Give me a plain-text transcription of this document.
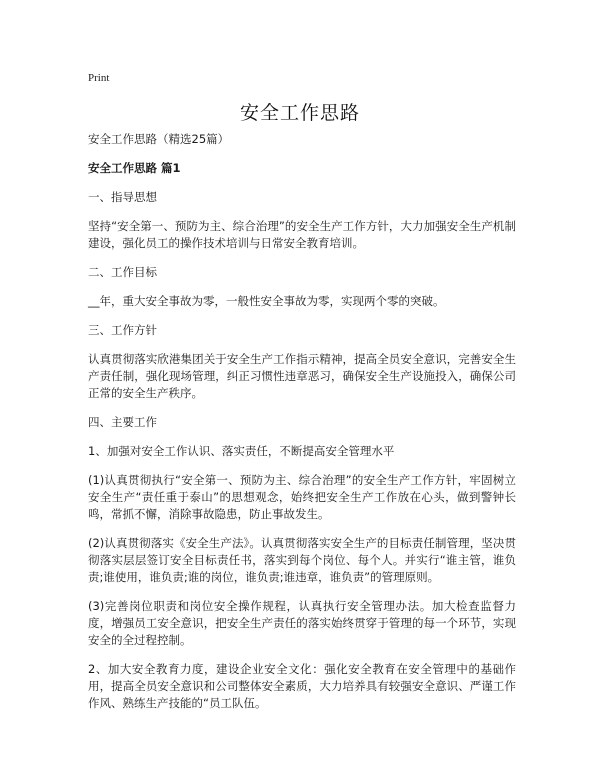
Print
安全工作思路

安全工作思路（精选25篇）

安全工作思路 篇1

一、指导思想

坚持“安全第一、预防为主、综合治理”的安全生产工作方针，大力加强安全生产机制建设，强化员工的操作技术培训与日常安全教育培训。

二、工作目标

__年，重大安全事故为零，一般性安全事故为零，实现两个零的突破。

三、工作方针

认真贯彻落实欣港集团关于安全生产工作指示精神，提高全员安全意识，完善安全生产责任制，强化现场管理，纠正习惯性违章恶习，确保安全生产设施投入，确保公司正常的安全生产秩序。

四、主要工作

1、加强对安全工作认识、落实责任，不断提高安全管理水平

(1)认真贯彻执行“安全第一、预防为主、综合治理”的安全生产工作方针，牢固树立安全生产“责任重于泰山”的思想观念，始终把安全生产工作放在心头，做到警钟长鸣，常抓不懈，消除事故隐患，防止事故发生。

(2)认真贯彻落实《安全生产法》。认真贯彻落实安全生产的目标责任制管理，坚决贯彻落实层层签订安全目标责任书，落实到每个岗位、每个人。并实行“谁主管，谁负责;谁使用，谁负责;谁的岗位，谁负责;谁违章，谁负责”的管理原则。

(3)完善岗位职责和岗位安全操作规程，认真执行安全管理办法。加大检查监督力度，增强员工安全意识，把安全生产责任的落实始终贯穿于管理的每一个环节，实现安全的全过程控制。

2、加大安全教育力度，建设企业安全文化：强化安全教育在安全管理中的基础作用，提高全员安全意识和公司整体安全素质，大力培养具有较强安全意识、严谨工作作风、熟练生产技能的“员工队伍。
